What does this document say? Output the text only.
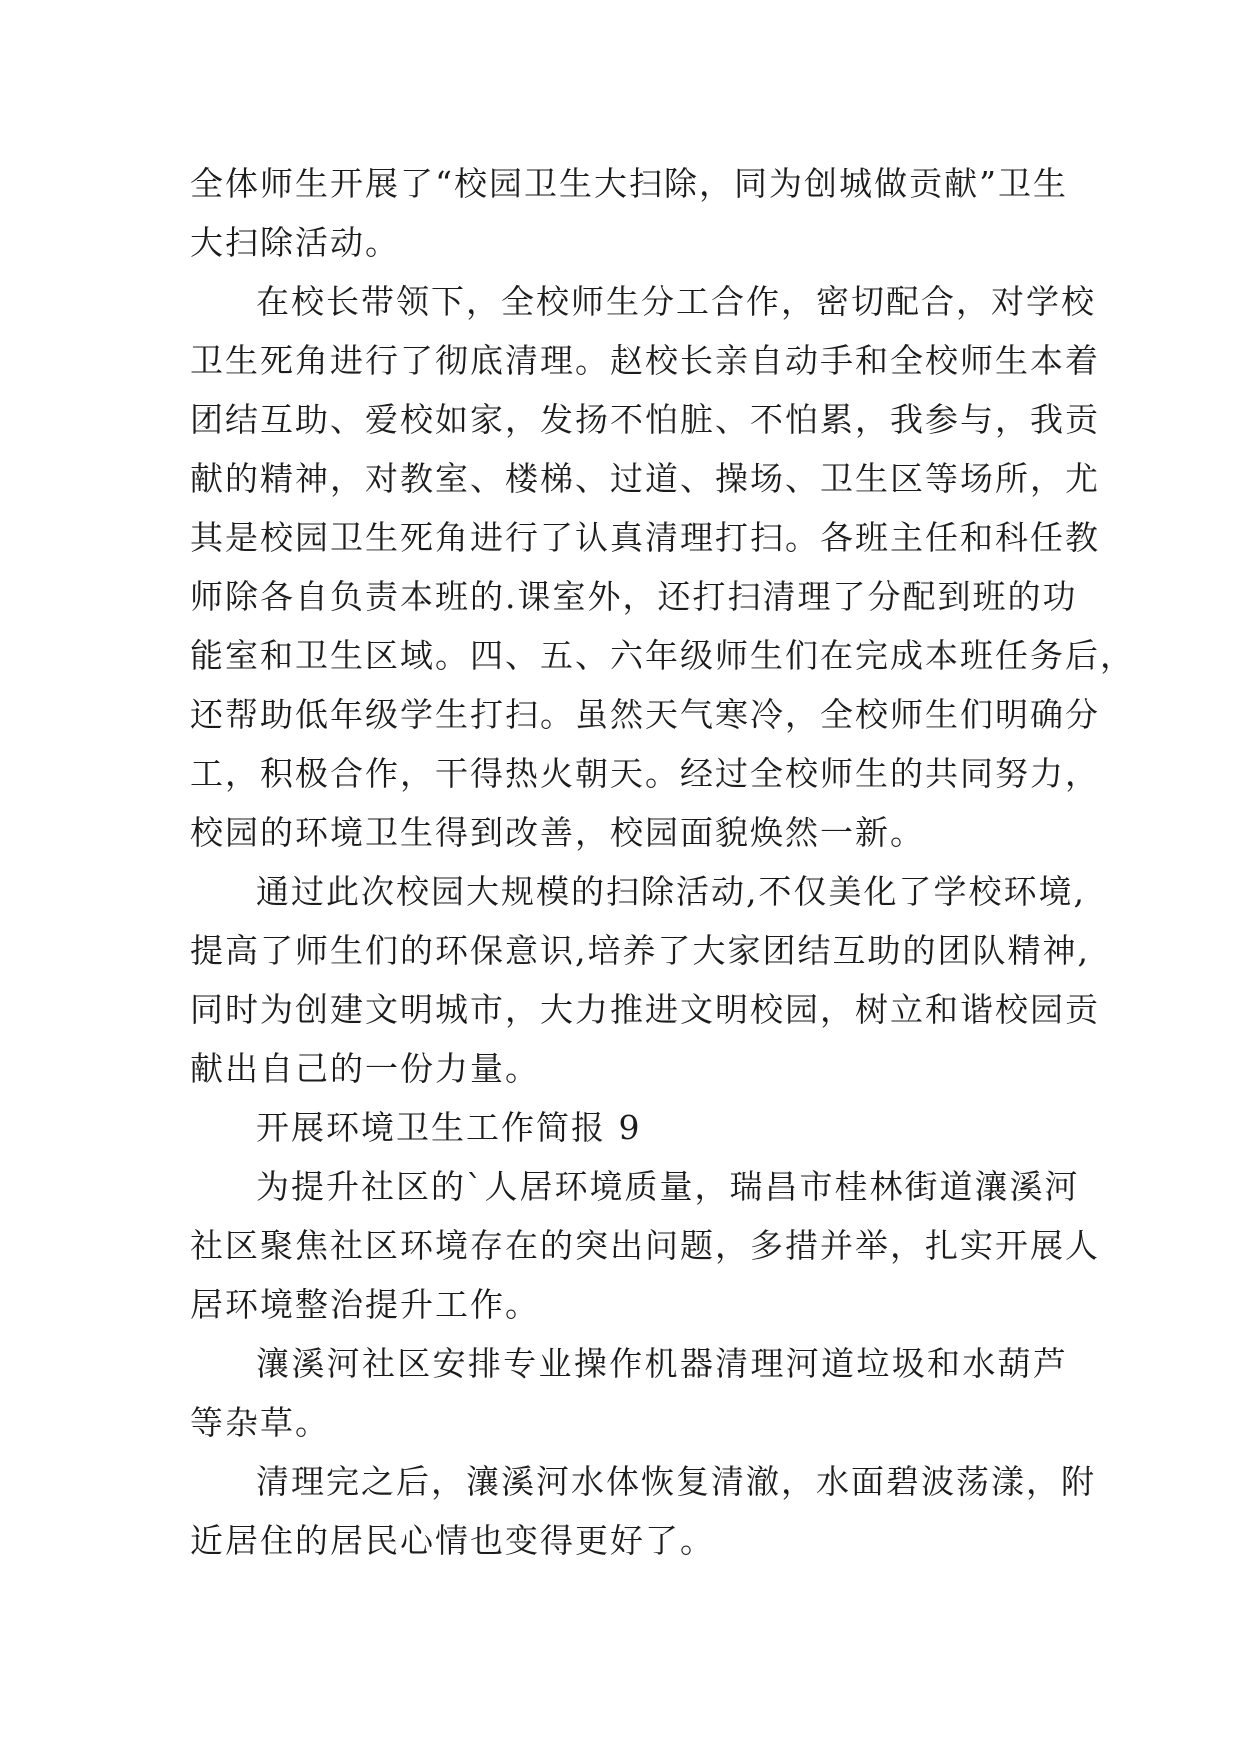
全体师生开展了“校园卫生大扫除，同为创城做贡献”卫生
大扫除活动。

在校长带领下，全校师生分工合作，密切配合，对学校
卫生死角进行了彻底清理。赵校长亲自动手和全校师生本着
团结互助、爱校如家，发扬不怕脏、不怕累，我参与，我贡
献的精神，对教室、楼梯、过道、操场、卫生区等场所，尤
其是校园卫生死角进行了认真清理打扫。各班主任和科任教
师除各自负责本班的.课室外，还打扫清理了分配到班的功
能室和卫生区域。四、五、六年级师生们在完成本班任务后，
还帮助低年级学生打扫。虽然天气寒冷，全校师生们明确分
工，积极合作，干得热火朝天。经过全校师生的共同努力，
校园的环境卫生得到改善，校园面貌焕然一新。

通过此次校园大规模的扫除活动,不仅美化了学校环境,
提高了师生们的环保意识,培养了大家团结互助的团队精神,
同时为创建文明城市，大力推进文明校园，树立和谐校园贡
献出自己的一份力量。

开展环境卫生工作简报 9

为提升社区的`人居环境质量，瑞昌市桂林街道瀼溪河
社区聚焦社区环境存在的突出问题，多措并举，扎实开展人
居环境整治提升工作。

瀼溪河社区安排专业操作机器清理河道垃圾和水葫芦
等杂草。

清理完之后，瀼溪河水体恢复清澈，水面碧波荡漾，附
近居住的居民心情也变得更好了。
